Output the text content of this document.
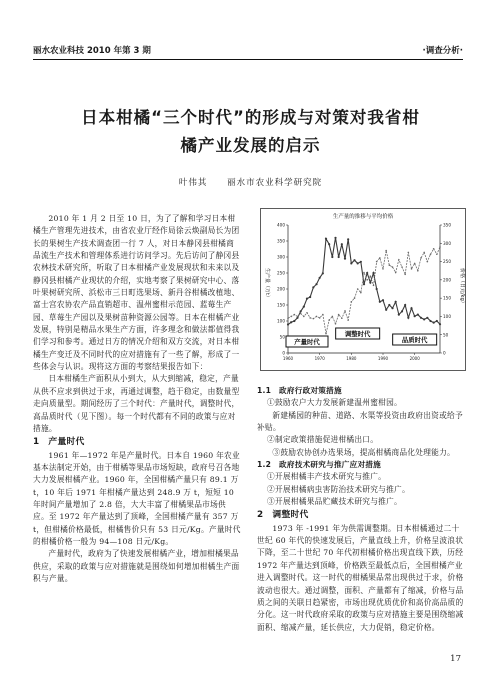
丽水农业科技 2010 年第 3 期	·调查分析·
日本柑橘“三个时代”的形成与对策对我省柑
橘产业发展的启示
叶伟其 丽水市农业科学研究院

2010 年 1 月 2 日至 10 日，为了了解和学习日本柑橘生产管理先进技术，由省农业厅经作局徐云焕副局长为团长的果树生产技术调查团一行 7 人，对日本静冈县柑橘商品流生产技术和管理体系进行访问学习。先后访问了静冈县农林技术研究所，听取了日本柑橘产业发展现状和未来以及静冈县柑橘产业现状的介绍，实地考察了果树研究中心、落叶果树研究所、浜松市三日町选果场、新丹谷柑橘改植地、富士宫农协农产品直销超市、温州蜜柑示范园、蓝莓生产园、草莓生产园以及果树苗种资源公园等。日本在柑橘产业发展，特别是精品水果生产方面，许多理念和做法都值得我们学习和参考。通过日方的情况介绍和双方交流，对日本柑橘生产变迁及不同时代的应对措施有了一些了解，形成了一些体会与认识。现将这方面的考察结果报告如下：

日本柑橘生产面积从小到大，从大到缩减，稳定，产量从供不应求到供过于求，再通过调整，趋于稳定，由数量型走向质量型。期间经历了三个时代：产量时代，调整时代，高品质时代（见下图）。每一个时代都有不同的政策与应对措施。

1　产量时代

1961 年—1972 年是产量时代。日本自 1960 年农业基本法制定开始，由于柑橘等果品市场短缺，政府号召各地大力发展柑橘产业。1960 年，全国柑橘产量只有 89.1 万 t，10 年后 1971 年柑橘产量达到 248.9 万 t，短短 10 年时间产量增加了 2.8 倍，大大丰富了柑橘果品市场供应。至 1972 年产量达到了顶峰，全国柑橘产量有 357 万 t，但柑橘价格最低，柑橘售价只有 53 日元/Kg。产量时代的柑橘价格一般为 94—108 日元/Kg。

产量时代，政府为了快速发展柑橘产业，增加柑橘果品供应，采取的政策与应对措施就是围绕如何增加柑橘生产面积与产量。

生产量的推移与平均价格
生产量（万t）	价格（日元/kg）
400
350
300
250
200
150
100
50
0
350
300
250
200
150
100
50
0
1960	1970	1980	1990	2000
产量时代
调整时代
品质时代
1.1　政府行政对策措施

①鼓励农户大力发展新建温州蜜柑园。

新建橘园的种苗、道路、水渠等投资由政府出资或给予补贴。

②制定政策措施促进柑橘出口。

③鼓励农协创办选果场，提高柑橘商品化处理能力。

1.2　政府技术研究与推广应对措施

①开展柑橘丰产技术研究与推广。

②开展柑橘病虫害防治技术研究与推广。

③开展柑橘果品贮藏技术研究与推广。

2　调整时代

1973 年 -1991 年为供需调整期。日本柑橘通过二十世纪 60 年代的快速发展后，产量直线上升，价格呈波浪状下降，至二十世纪 70 年代初柑橘价格出现直线下跌，历经 1972 年产量达到顶峰，价格跌至最低点后，全国柑橘产业进入调整时代。这一时代的柑橘果品常出现供过于求，价格波动也很大。通过调整，面积、产量都有了缩减，价格与品质之间的关联日趋紧密，市场出现优质优价和高价高品质的分化。这一时代政府采取的政策与应对措施主要是围绕缩减面积、缩减产量，延长供应，大力促销，稳定价格。

17
